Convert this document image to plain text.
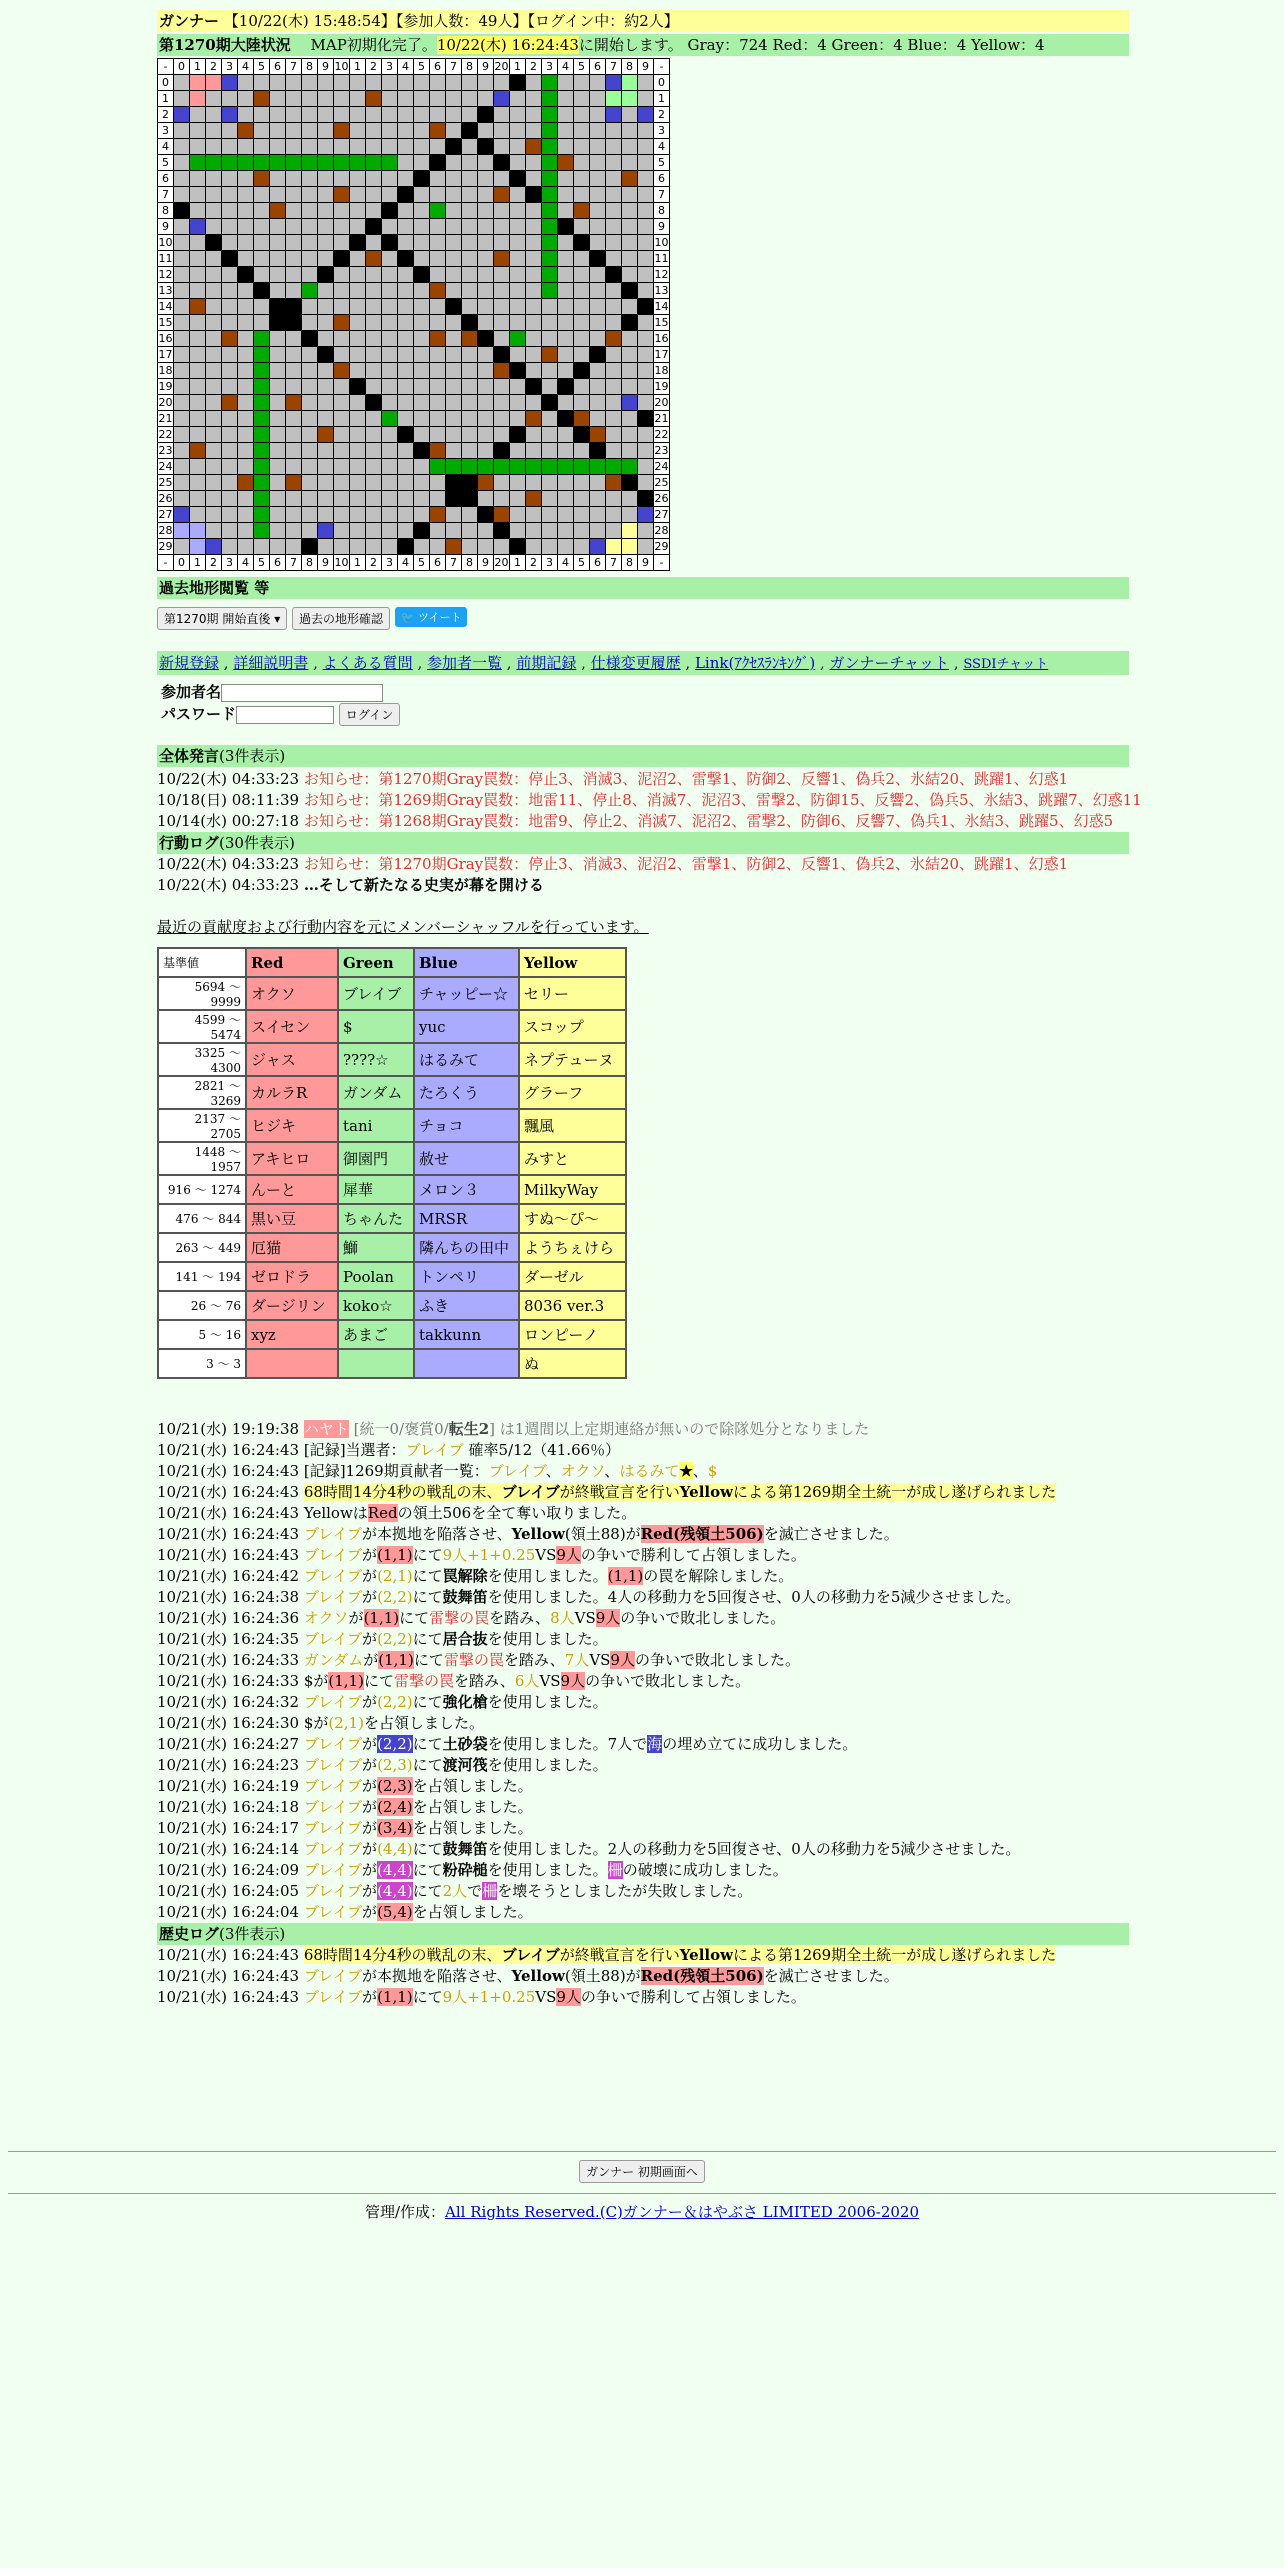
ガンナー 【10/22(木) 15:48:54】【参加人数：49人】【ログイン中：約2人】
第1270期大陸状況　 MAP初期化完了。10/22(木) 16:24:43に開始します。 Gray：724 Red：4 Green：4 Blue：4 Yellow：4
-	0	1	2	3	4	5	6	7	8	9	10	1	2	3	4	5	6	7	8	9	20	1	2	3	4	5	6	7	8	9	-
0																															0
1																															1
2																															2
3																															3
4																															4
5																															5
6																															6
7																															7
8																															8
9																															9
10																															10
11																															11
12																															12
13																															13
14																															14
15																															15
16																															16
17																															17
18																															18
19																															19
20																															20
21																															21
22																															22
23																															23
24																															24
25																															25
26																															26
27																															27
28																															28
29																															29
-	0	1	2	3	4	5	6	7	8	9	10	1	2	3	4	5	6	7	8	9	20	1	2	3	4	5	6	7	8	9	-
過去地形閲覧 等
第1270期 開始直後 ▾ 過去の地形確認 🐦 ツイート
新規登録 , 詳細説明書 , よくある質問 , 参加者一覧 , 前期記録 , 仕様変更履歴 , Link(ｱｸｾｽﾗﾝｷﾝｸﾞ) , ガンナーチャット , SSDIチャット
参加者名
パスワード	ログイン
全体発言(3件表示)
10/22(木) 04:33:23 お知らせ：第1270期Gray罠数：停止3、消滅3、泥沼2、雷撃1、防御2、反響1、偽兵2、氷結20、跳躍1、幻惑1
10/18(日) 08:11:39 お知らせ：第1269期Gray罠数：地雷11、停止8、消滅7、泥沼3、雷撃2、防御15、反響2、偽兵5、氷結3、跳躍7、幻惑11
10/14(水) 00:27:18 お知らせ：第1268期Gray罠数：地雷9、停止2、消滅7、泥沼2、雷撃2、防御6、反響7、偽兵1、氷結3、跳躍5、幻惑5
行動ログ(30件表示)
10/22(木) 04:33:23 お知らせ：第1270期Gray罠数：停止3、消滅3、泥沼2、雷撃1、防御2、反響1、偽兵2、氷結20、跳躍1、幻惑1
10/22(木) 04:33:23 …そして新たなる史実が幕を開ける
最近の貢献度および行動内容を元にメンバーシャッフルを行っています。
基準値	Red	Green	Blue	Yellow
5694 ～ 9999	オクソ	ブレイブ	チャッピー☆	セリー
4599 ～ 5474	スイセン	$	yuc	スコップ
3325 ～ 4300	ジャス	????☆	はるみて	ネプテューヌ
2821 ～ 3269	カルラR	ガンダム	たろくう	グラーフ
2137 ～ 2705	ヒジキ	tani	チョコ	飄風
1448 ～ 1957	アキヒロ	御園門	赦せ	みすと
916 ～ 1274	んーと	犀華	メロン３	MilkyWay
476 ～ 844	黒い豆	ちゃんた	MRSR	すぬ～ぴ～
263 ～ 449	厄猫	鰤	隣んちの田中	ようちぇけら
141 ～ 194	ゼロドラ	Poolan	トンペリ	ダーゼル
26 ～ 76	ダージリン	koko☆	ふき	8036 ver.3
5 ～ 16	xyz	あまご	takkunn	ロンピーノ
3 ～ 3				ぬ
10/21(水) 19:19:38 ハヤト [統一0/褒賞0/転生2] は1週間以上定期連絡が無いので除隊処分となりました
10/21(水) 16:24:43 [記録]当選者：ブレイブ 確率5/12（41.66％）
10/21(水) 16:24:43 [記録]1269期貢献者一覧：ブレイブ、オクソ、はるみて★、$
10/21(水) 16:24:43 68時間14分4秒の戦乱の末、ブレイブが終戦宣言を行いYellowによる第1269期全土統一が成し遂げられました
10/21(水) 16:24:43 YellowはRedの領土506を全て奪い取りました。
10/21(水) 16:24:43 ブレイブが本拠地を陥落させ、Yellow(領土88)がRed(残領土506)を滅亡させました。
10/21(水) 16:24:43 ブレイブが(1,1)にて9人+1+0.25VS9人の争いで勝利して占領しました。
10/21(水) 16:24:42 ブレイブが(2,1)にて罠解除を使用しました。(1,1)の罠を解除しました。
10/21(水) 16:24:38 ブレイブが(2,2)にて鼓舞笛を使用しました。4人の移動力を5回復させ、0人の移動力を5減少させました。
10/21(水) 16:24:36 オクソが(1,1)にて雷撃の罠を踏み、8人VS9人の争いで敗北しました。
10/21(水) 16:24:35 ブレイブが(2,2)にて居合抜を使用しました。
10/21(水) 16:24:33 ガンダムが(1,1)にて雷撃の罠を踏み、7人VS9人の争いで敗北しました。
10/21(水) 16:24:33 $が(1,1)にて雷撃の罠を踏み、6人VS9人の争いで敗北しました。
10/21(水) 16:24:32 ブレイブが(2,2)にて強化槍を使用しました。
10/21(水) 16:24:30 $が(2,1)を占領しました。
10/21(水) 16:24:27 ブレイブが(2,2)にて土砂袋を使用しました。7人で海の埋め立てに成功しました。
10/21(水) 16:24:23 ブレイブが(2,3)にて渡河筏を使用しました。
10/21(水) 16:24:19 ブレイブが(2,3)を占領しました。
10/21(水) 16:24:18 ブレイブが(2,4)を占領しました。
10/21(水) 16:24:17 ブレイブが(3,4)を占領しました。
10/21(水) 16:24:14 ブレイブが(4,4)にて鼓舞笛を使用しました。2人の移動力を5回復させ、0人の移動力を5減少させました。
10/21(水) 16:24:09 ブレイブが(4,4)にて粉砕槌を使用しました。柵の破壊に成功しました。
10/21(水) 16:24:05 ブレイブが(4,4)にて2人で柵を壊そうとしましたが失敗しました。
10/21(水) 16:24:04 ブレイブが(5,4)を占領しました。
歴史ログ(3件表示)
10/21(水) 16:24:43 68時間14分4秒の戦乱の末、ブレイブが終戦宣言を行いYellowによる第1269期全土統一が成し遂げられました
10/21(水) 16:24:43 ブレイブが本拠地を陥落させ、Yellow(領土88)がRed(残領土506)を滅亡させました。
10/21(水) 16:24:43 ブレイブが(1,1)にて9人+1+0.25VS9人の争いで勝利して占領しました。
ガンナー 初期画面へ
管理/作成：All Rights Reserved.(C)ガンナー＆はやぶさ LIMITED 2006-2020
